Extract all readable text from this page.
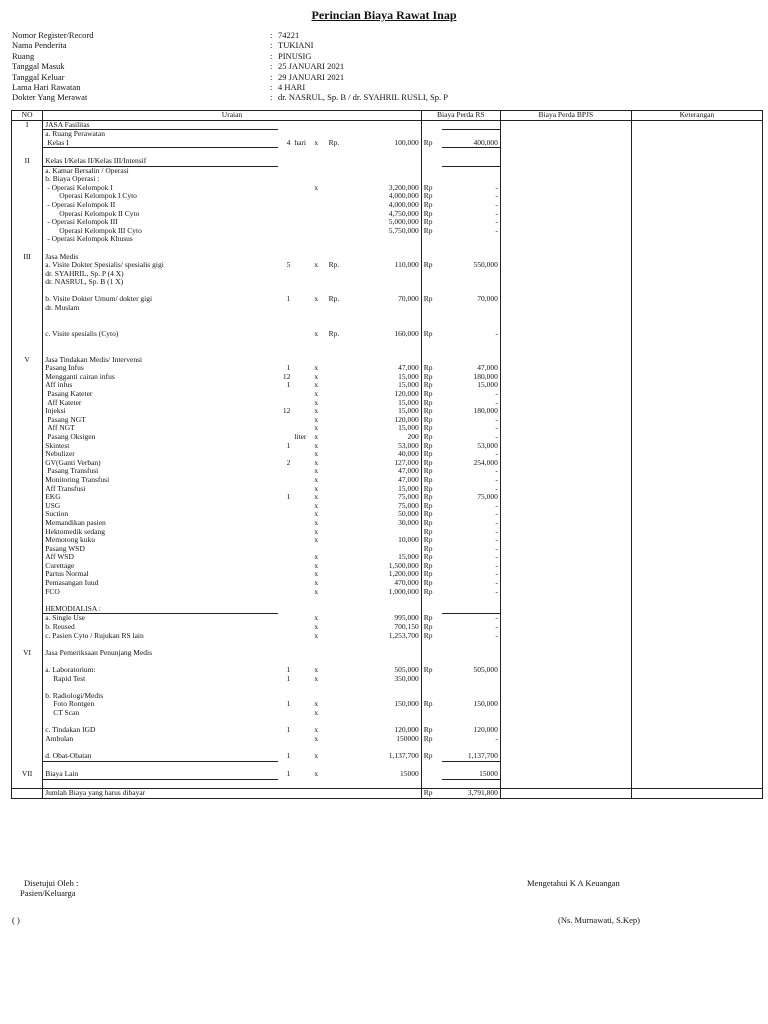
Perincian Biaya Rawat Inap
Nomor Register/Record	: 74221
Nama Penderita	: TUKIANI
Ruang	: PINUSIG
Tanggal Masuk	: 25 JANUARI 2021
Tanggal Keluar	: 29 JANUARI 2021
Lama Hari Rawatan	: 4 HARI
Dokter Yang Merawat	: dr. NASRUL, Sp. B / dr. SYAHRIL RUSLI, Sp. P
NO	Uraian							Biaya Perda RS		Biaya Perda BPJS	Keterangan
I	JASA Fasilitas										
	a. Ruang Perawatan										
	Kelas I	4	hari	x	Rp.		100,000	Rp	400,000		

II	Kelas I/Kelas II/Kelas III/Intensif										
	a. Kamar Bersalin / Operasi										
	b. Biaya Operasi :										
	- Operasi Kelompok I			x			3,200,000	Rp	-		
	Operasi Kelompok I Cyto						4,000,000	Rp	-		
	- Operasi Kelompok II						4,000,000	Rp	-		
	Operasi Kelompok II Cyto						4,750,000	Rp	-		
	- Operasi Kelompok III						5,000,000	Rp	-		
	Operasi Kelompok III Cyto						5,750,000	Rp	-		
	- Operasi Kelompok Khusus										

III	Jasa Medis										
	a. Visite Dokter Spesialis/ spesialis gigi	5		x	Rp.		110,000	Rp	550,000		
	dr. SYAHRIL, Sp. P (4 X)										
	dr. NASRUL, Sp. B (1 X)										

	b. Visite Dokter Umum/ dokter gigi	1		x	Rp.		70,000	Rp	70,000		
	dr. Muslam										

	c. Visite spesialis (Cyto)			x	Rp.		160,000	Rp	-		

V	Jasa Tindakan Medis/ Intervensi										
	Pasang Infus	1		x			47,000	Rp	47,000		
	Mengganti cairan infus	12		x			15,000	Rp	180,000		
	Aff infus	1		x			15,000	Rp	15,000		
	Pasang Kateter			x			120,000	Rp	-		
	Aff Kateter			x			15,000	Rp	-		
	Injeksi	12		x			15,000	Rp	180,000		
	Pasang NGT			x			120,000	Rp	-		
	Aff NGT			x			15,000	Rp	-		
	Pasang Oksigen		liter	x			200	Rp	-		
	Skintest	1		x			53,000	Rp	53,000		
	Nebulizer			x			40,000	Rp	-		
	GV(Ganti Verban)	2		x			127,000	Rp	254,000		
	Pasang Transfusi			x			47,000	Rp	-		
	Monitoring Transfusi			x			47,000	Rp	-		
	Aff Transfusi			x			15,000	Rp	-		
	EKG	1		x			75,000	Rp	75,000		
	USG			x			75,000	Rp	-		
	Suction			x			50,000	Rp	-		
	Memandikan pasien			x			30,000	Rp	-		
	Hektomedik sedang			x				Rp	-		
	Memotong kuku			x			10,000	Rp	-		
	Pasang WSD							Rp	-		
	Aff WSD			x			15,000	Rp	-		
	Curettage			x			1,500,000	Rp	-		
	Partus Normal			x			1,200,000	Rp	-		
	Pemasangan Iuud			x			470,000	Rp	-		
	FCO			x			1,000,000	Rp	-		

	HEMODIALISA :										
	a. Single Use			x			995,000	Rp	-		
	b. Reused			x			700,150	Rp	-		
	c. Pasien Cyto / Rujukan RS lain			x			1,253,700	Rp	-		

VI	Jasa Pemeriksaan Penunjang Medis										

	a. Laboratorium:	1		x			505,000	Rp	505,000		
	Rapid Test	1		x			350,000				

	b. Radiologi/Medis										
	Foto Rontgen	1		x			150,000	Rp	150,000		
	CT Scan			x							

	c. Tindakan IGD	1		x			120,000	Rp	120,000		
	Ambulan			x			150000	Rp	-		

	d. Obat-Obatan	1		x			1,137,700	Rp	1,137,700		

VII	Biaya Lain	1		x			15000		15000		

	Jumlah Biaya yang harus dibayar							Rp	3,791,800		
Disetujui Oleh :
Pasien/Keluarga
( )
Mengetahui K A Keuangan
(Ns. Murnawati, S.Kep)
